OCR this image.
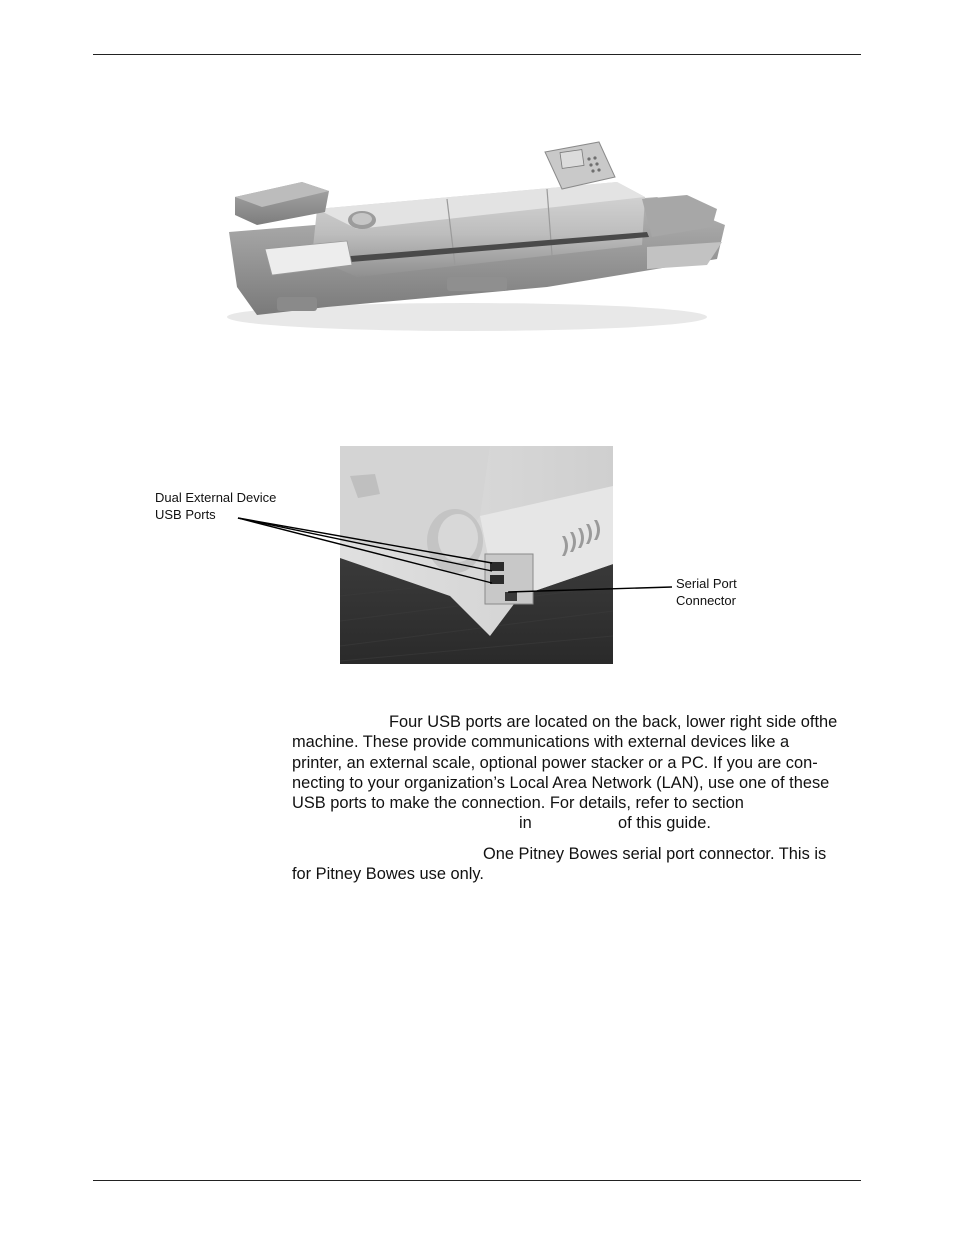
Dual External Device
USB Ports
Serial Port
Connector
Four USB ports are located on the back, lower right side ofthe
machine. These provide communications with external devices like a
printer, an external scale, optional power stacker or a PC. If you are con-
necting to your organization’s Local Area Network (LAN), use one of these
USB ports to make the connection. For details, refer to section
in	of this guide.
One Pitney Bowes serial port connector. This is
for Pitney Bowes use only.
